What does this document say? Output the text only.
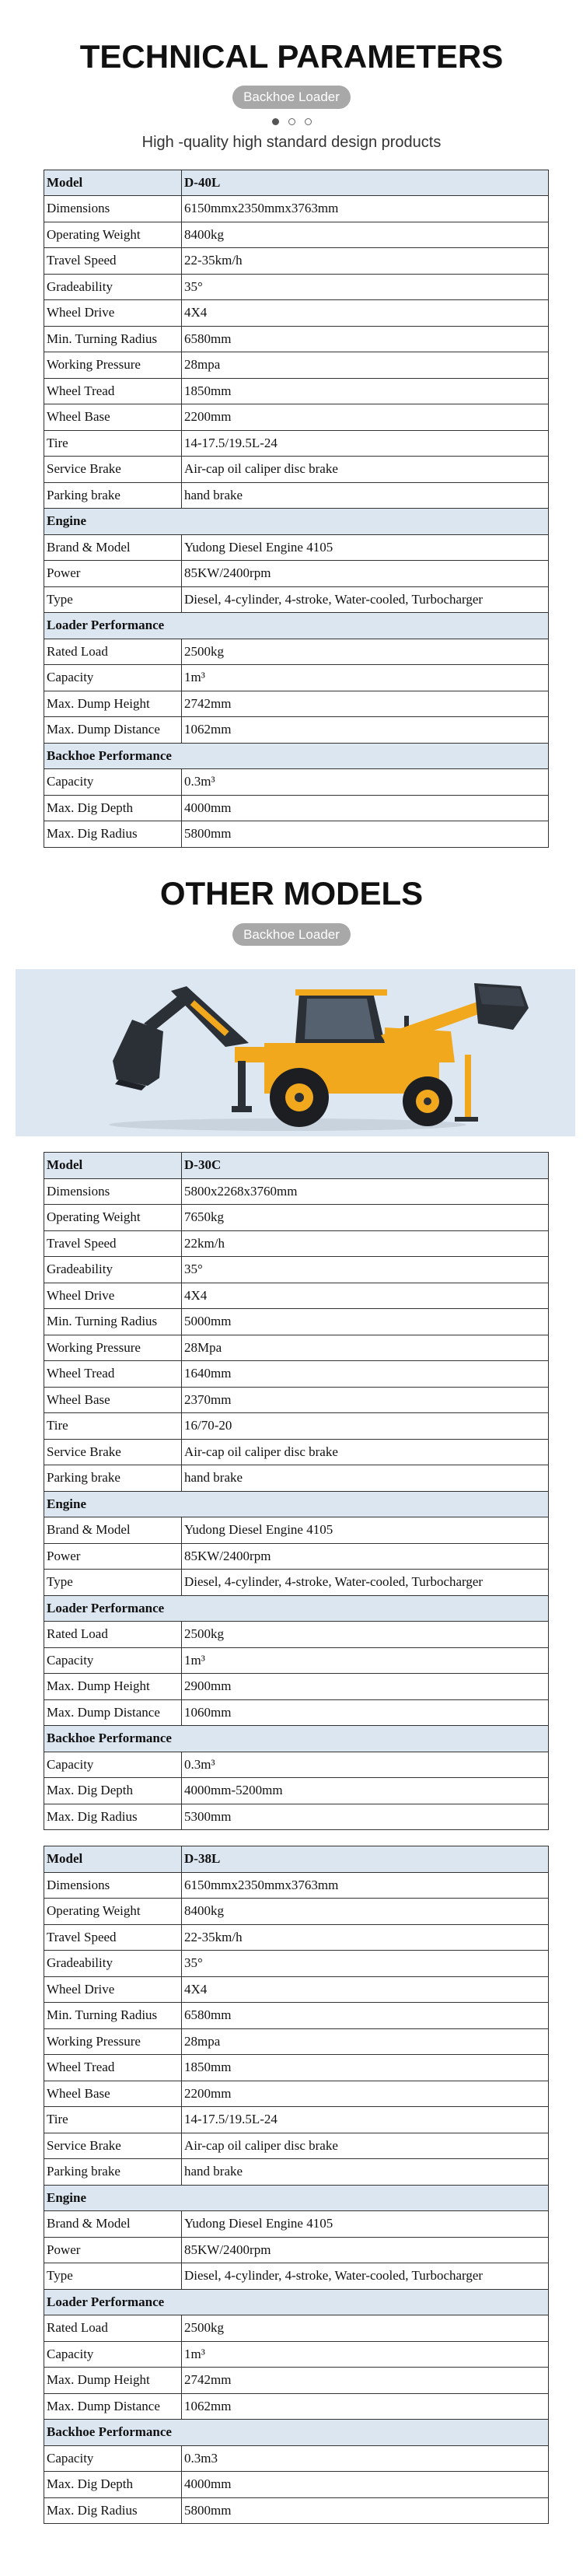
TECHNICAL PARAMETERS
Backhoe Loader
High -quality high standard design products
Model	D-40L
Dimensions	6150mmx2350mmx3763mm
Operating Weight	8400kg
Travel Speed	22-35km/h
Gradeability	35°
Wheel Drive	4X4
Min. Turning Radius	6580mm
Working Pressure	28mpa
Wheel Tread	1850mm
Wheel Base	2200mm
Tire	14-17.5/19.5L-24
Service Brake	Air-cap oil caliper disc brake
Parking brake	hand brake
Engine	
Brand & Model	Yudong Diesel Engine 4105
Power	85KW/2400rpm
Type	Diesel, 4-cylinder, 4-stroke, Water-cooled, Turbocharger
Loader Performance	
Rated Load	2500kg
Capacity	1m³
Max. Dump Height	2742mm
Max. Dump Distance	1062mm
Backhoe Performance	
Capacity	0.3m³
Max. Dig Depth	4000mm
Max. Dig Radius	5800mm
OTHER MODELS
Backhoe Loader
Model	D-30C
Dimensions	5800x2268x3760mm
Operating Weight	7650kg
Travel Speed	22km/h
Gradeability	35°
Wheel Drive	4X4
Min. Turning Radius	5000mm
Working Pressure	28Mpa
Wheel Tread	1640mm
Wheel Base	2370mm
Tire	16/70-20
Service Brake	Air-cap oil caliper disc brake
Parking brake	hand brake
Engine	
Brand & Model	Yudong Diesel Engine 4105
Power	85KW/2400rpm
Type	Diesel, 4-cylinder, 4-stroke, Water-cooled, Turbocharger
Loader Performance	
Rated Load	2500kg
Capacity	1m³
Max. Dump Height	2900mm
Max. Dump Distance	1060mm
Backhoe Performance	
Capacity	0.3m³
Max. Dig Depth	4000mm-5200mm
Max. Dig Radius	5300mm
Model	D-38L
Dimensions	6150mmx2350mmx3763mm
Operating Weight	8400kg
Travel Speed	22-35km/h
Gradeability	35°
Wheel Drive	4X4
Min. Turning Radius	6580mm
Working Pressure	28mpa
Wheel Tread	1850mm
Wheel Base	2200mm
Tire	14-17.5/19.5L-24
Service Brake	Air-cap oil caliper disc brake
Parking brake	hand brake
Engine	
Brand & Model	Yudong Diesel Engine 4105
Power	85KW/2400rpm
Type	Diesel, 4-cylinder, 4-stroke, Water-cooled, Turbocharger
Loader Performance	
Rated Load	2500kg
Capacity	1m³
Max. Dump Height	2742mm
Max. Dump Distance	1062mm
Backhoe Performance	
Capacity	0.3m3
Max. Dig Depth	4000mm
Max. Dig Radius	5800mm
